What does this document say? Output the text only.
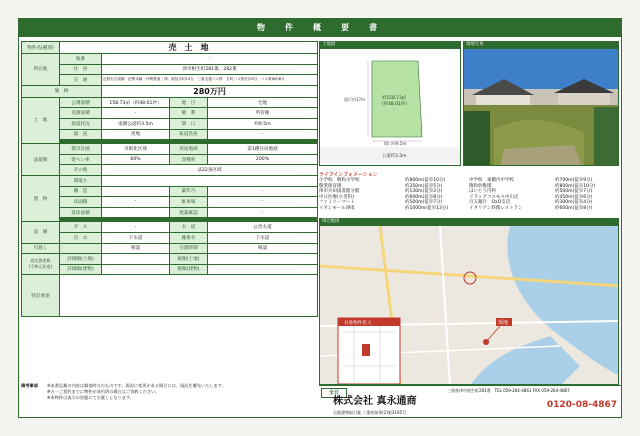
物　件　概　要　書
物件名(種別)	売　土　地			
所在地	地番	-		
	住　居	津市相生町281番、282番		
	交　通	近鉄名古屋線・紀勢本線・伊勢鉄道「津」駅徒歩約15分　三重交通バス停　万町バス停徒歩6分、バス乗車約6分		
価　格		280万円		
土　地	公簿面積	158.73㎡（約48.01坪）	地　目	宅地
	実測面積	-	権　利	所有権
	接道状況	南側公道約3.5m	間　口	約9.5m
	現　況	更地	私道負担	-

法規制	都市計画	市街化区域	用途地域	第1種住居地域
	建ぺい率	60%	容積率	200%
	その他	法22条区域		
建　物	間取り			
	構　造		築年月	-
	床面積	-	駐車場	-
	延床面積		建築確認	-

設　備	ガ　ス	-	水　道	公営水道
	汚　水	下水道	雑排水	下水道
引渡し		相談	引渡時期	相談
固定資産税
(令和元年度)	評価額(土地)		税額(土地)	
	評価額(建物)		税額(建物)	
特記事項				
備考事項 ※本書記載の内容は調査時点のものです。現況に変更がある場合には、現況を優先いたします。
※万一ご契約までに物件が成約済の場合はご容赦ください。
※本物件は表示の状態にて引渡しとなります。
土地図
約158.73㎡
(約48.01坪)
奥行約17m
間口約9.5m
公道約3.5m
現地写真
ライフインフォメーション
小学校　敬和小学校	約800m(徒歩10分)	中学校　東橋内中学校	約700m(徒歩9分)
敬愛保育園	約350m(徒歩5分)	敬和幼稚園	約800m(徒歩10分)
津市兵田図書館分館	約130m(徒歩2分)	ほいとう内科	約500m(徒歩7分)
中日医療(小児科)	約600m(徒歩8分)	ドラッグコスモス中川店	約450m(徒歩6分)
ファミリーマート	約500m(徒歩7分)	百五銀行　OxO支店	約300m(徒歩4分)
イオンモール津南	約1000m(徒歩13分)	イタリアン料理レストラン	約600m(徒歩8分)
周辺地図
現地
対象物件拡大
全日
株式会社 真永通商
三重県津市相生町281番　TEL 059-264-4861 FAX 059-264-4867
宅地建物取引業 三重県知事(2)第3195号
0120-08-4867
